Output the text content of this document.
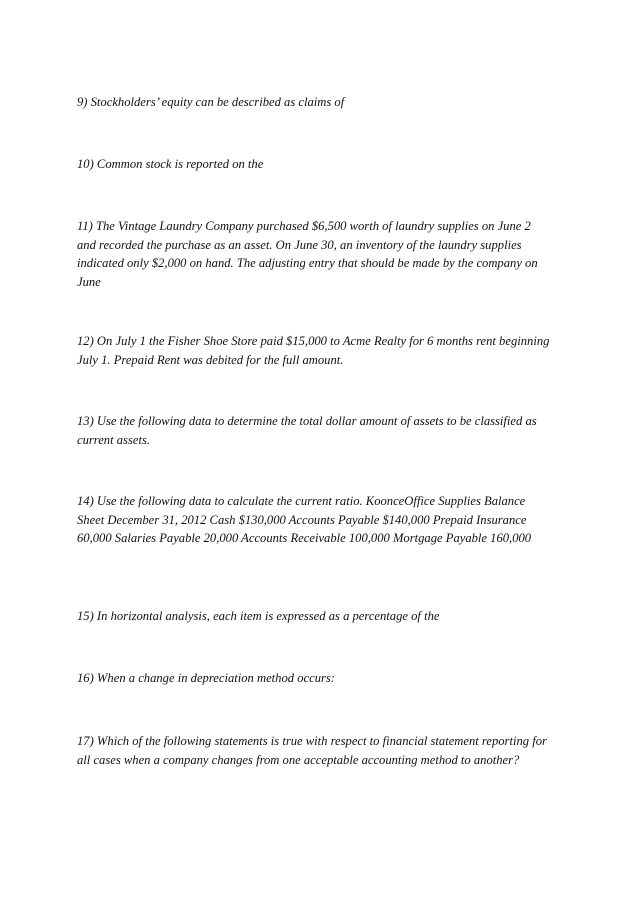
9) Stockholders’ equity can be described as claims of

10) Common stock is reported on the

11) The Vintage Laundry Company purchased $6,500 worth of laundry supplies on June 2 and recorded the purchase as an asset. On June 30, an inventory of the laundry supplies indicated only $2,000 on hand. The adjusting entry that should be made by the company on June

12) On July 1 the Fisher Shoe Store paid $15,000 to Acme Realty for 6 months rent beginning July 1. Prepaid Rent was debited for the full amount.

13) Use the following data to determine the total dollar amount of assets to be classified as current assets.

14) Use the following data to calculate the current ratio. KoonceOffice Supplies Balance Sheet December 31, 2012 Cash $130,000 Accounts Payable $140,000 Prepaid Insurance 60,000 Salaries Payable 20,000 Accounts Receivable 100,000 Mortgage Payable 160,000

15) In horizontal analysis, each item is expressed as a percentage of the

16) When a change in depreciation method occurs:

17) Which of the following statements is true with respect to financial statement reporting for all cases when a company changes from one acceptable accounting method to another?
